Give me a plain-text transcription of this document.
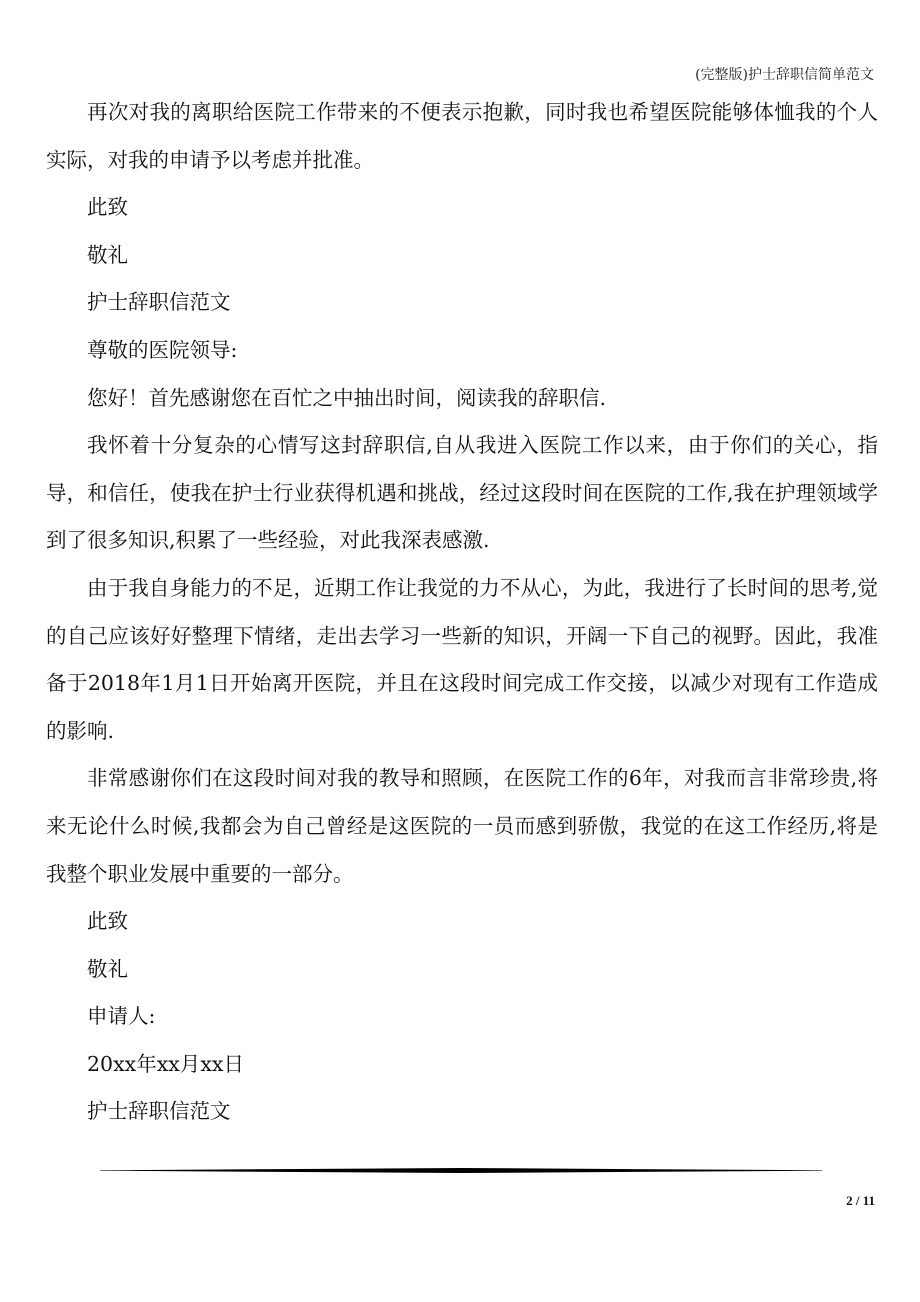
(完整版)护士辞职信简单范文

再次对我的离职给医院工作带来的不便表示抱歉，同时我也希望医院能够体恤我的个人实际，对我的申请予以考虑并批准。

此致

敬礼

护士辞职信范文

尊敬的医院领导:

您好！首先感谢您在百忙之中抽出时间，阅读我的辞职信.

我怀着十分复杂的心情写这封辞职信,自从我进入医院工作以来，由于你们的关心，指导，和信任，使我在护士行业获得机遇和挑战，经过这段时间在医院的工作,我在护理领域学到了很多知识,积累了一些经验，对此我深表感激.

由于我自身能力的不足，近期工作让我觉的力不从心，为此，我进行了长时间的思考,觉的自己应该好好整理下情绪，走出去学习一些新的知识，开阔一下自己的视野。因此，我准备于2018年1月1日开始离开医院，并且在这段时间完成工作交接，以减少对现有工作造成的影响.

非常感谢你们在这段时间对我的教导和照顾，在医院工作的6年，对我而言非常珍贵,将来无论什么时候,我都会为自己曾经是这医院的一员而感到骄傲，我觉的在这工作经历,将是我整个职业发展中重要的一部分。

此致

敬礼

申请人:

20xx年xx月xx日

护士辞职信范文

2 / 11
